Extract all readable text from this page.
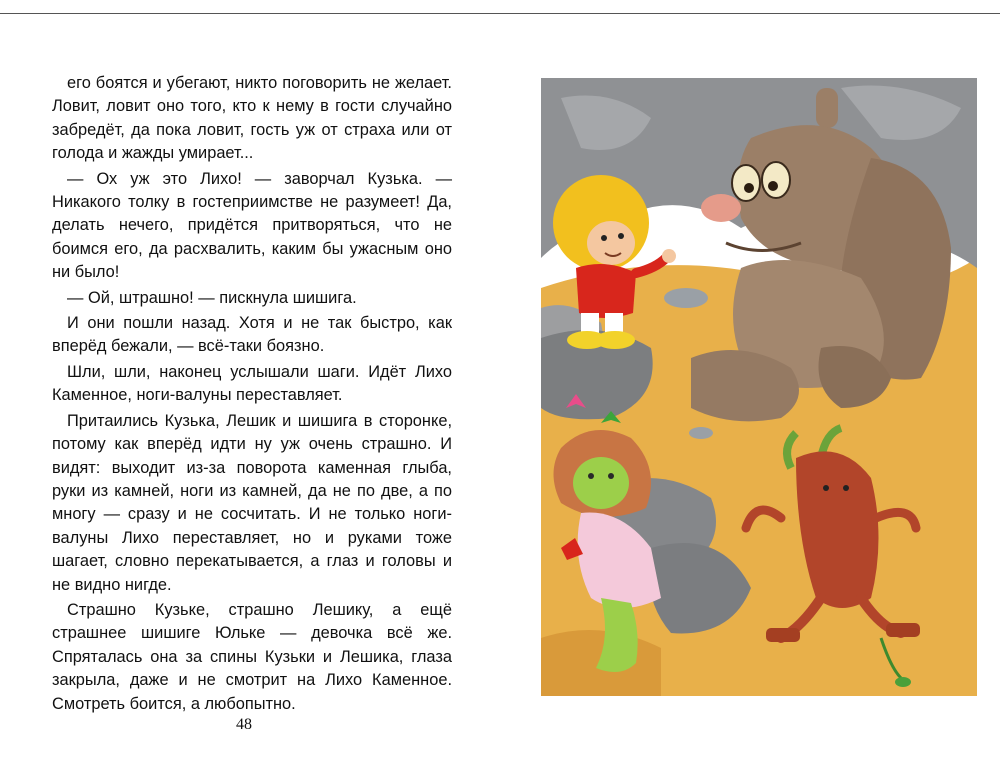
его боятся и убегают, никто поговорить не желает. Ловит, ловит оно того, кто к нему в гости случайно забредёт, да пока ловит, гость уж от страха или от голода и жажды умирает...

— Ох уж это Лихо! — заворчал Кузька. — Никакого толку в гостеприимстве не разумеет! Да, делать нечего, придётся притворяться, что не боимся его, да расхвалить, каким бы ужасным оно ни было!

— Ой, штрашно! — пискнула шишига.

И они пошли назад. Хотя и не так быстро, как вперёд бежали, — всё-таки боязно.

Шли, шли, наконец услышали шаги. Идёт Лихо Каменное, ноги-валуны переставляет.

Притаились Кузька, Лешик и шишига в сторонке, потому как вперёд идти ну уж очень страшно. И видят: выходит из-за поворота каменная глыба, руки из камней, ноги из камней, да не по две, а по многу — сразу и не сосчитать. И не только ноги-валуны Лихо переставляет, но и руками тоже шагает, словно перекатывается, а глаз и головы и не видно нигде.

Страшно Кузьке, страшно Лешику, а ещё страшнее шишиге Юльке — девочка всё же. Спряталась она за спины Кузьки и Лешика, глаза закрыла, даже и не смотрит на Лихо Каменное. Смотреть боится, а любопытно.

48
